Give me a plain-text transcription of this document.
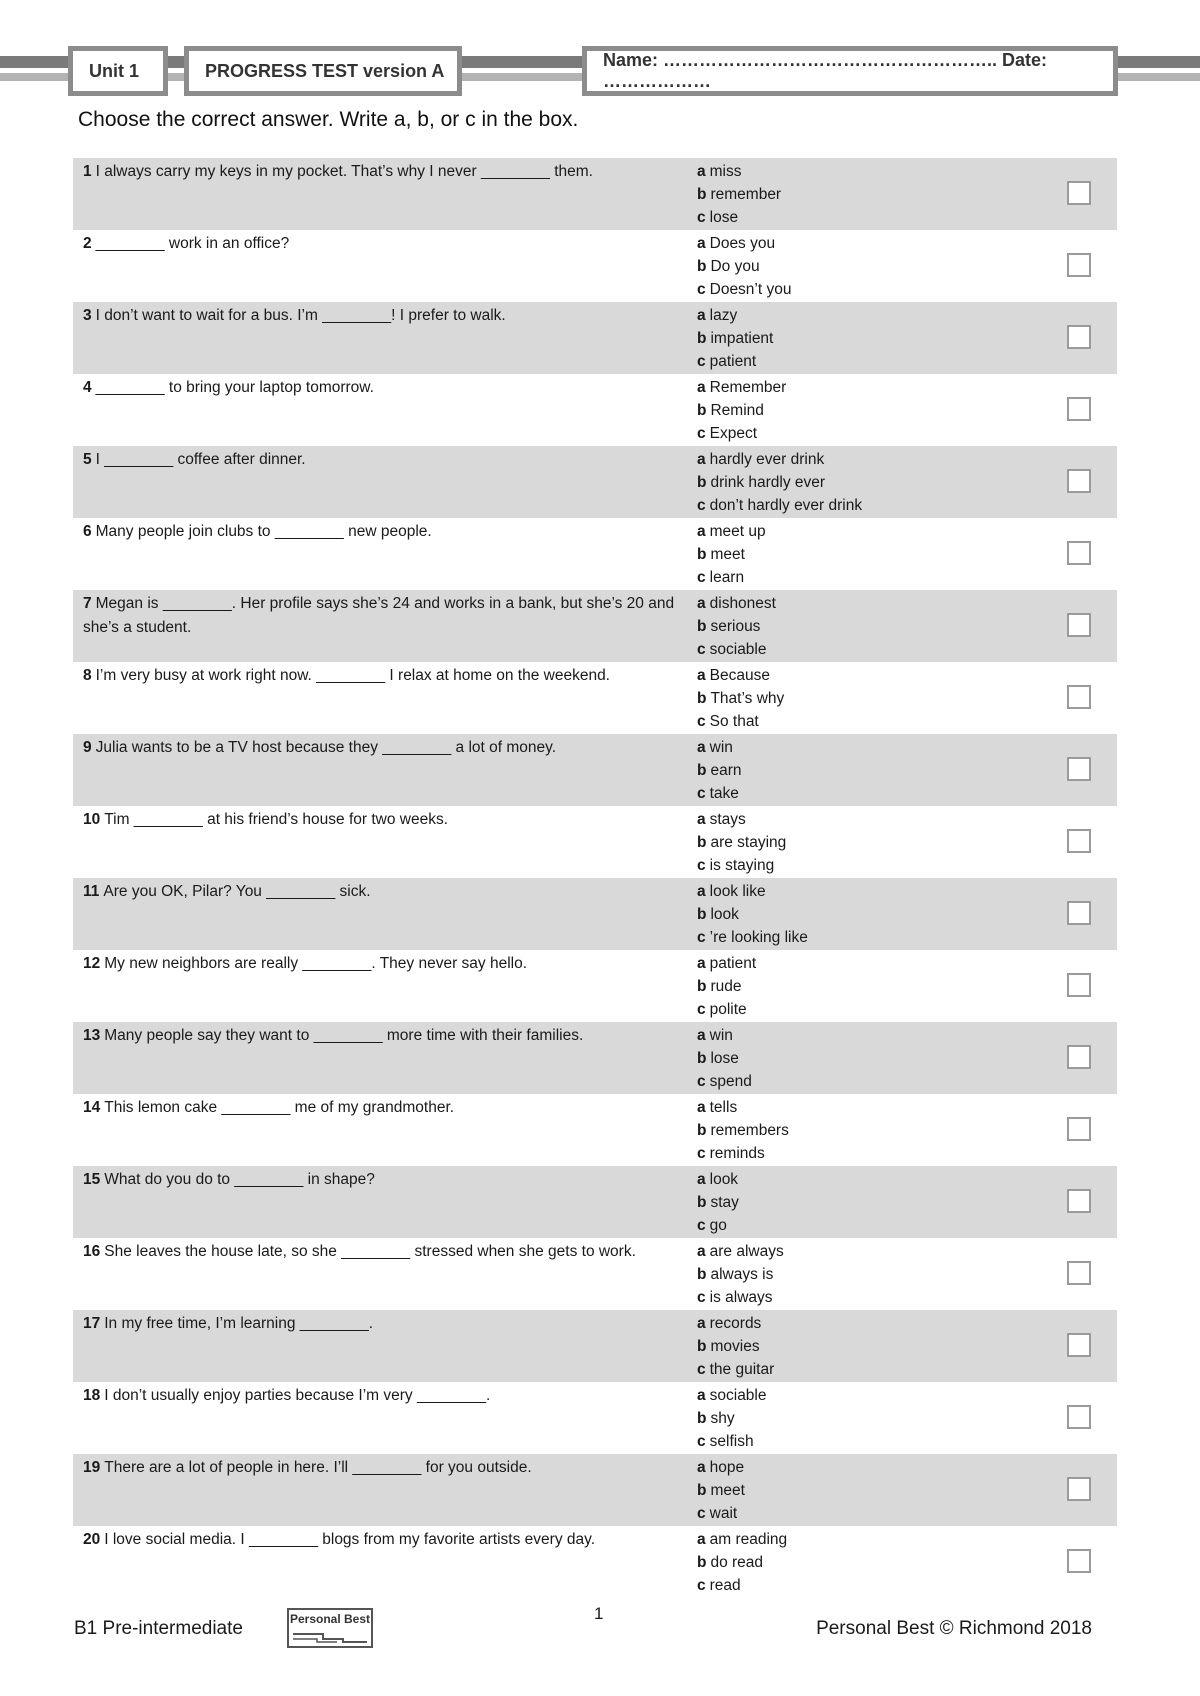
Unit 1	PROGRESS TEST version A
Name: ……………………………………………….. Date: ………………
Choose the correct answer. Write a, b, or c in the box.
1 I always carry my keys in my pocket. That’s why I never ________ them.	a miss
b remember
c lose
2 ________ work in an office?	a Does you
b Do you
c Doesn’t you
3 I don’t want to wait for a bus. I’m ________! I prefer to walk.	a lazy
b impatient
c patient
4 ________ to bring your laptop tomorrow.	a Remember
b Remind
c Expect
5 I ________ coffee after dinner.	a hardly ever drink
b drink hardly ever
c don’t hardly ever drink
6 Many people join clubs to ________ new people.	a meet up
b meet
c learn
7 Megan is ________. Her profile says she’s 24 and works in a bank, but she’s 20 and she’s a student.
a dishonest
b serious
c sociable
8 I’m very busy at work right now. ________ I relax at home on the weekend.	a Because
b That’s why
c So that
9 Julia wants to be a TV host because they ________ a lot of money.	a win
b earn
c take
10 Tim ________ at his friend’s house for two weeks.	a stays
b are staying
c is staying
11 Are you OK, Pilar? You ________ sick.	a look like
b look
c ’re looking like
12 My new neighbors are really ________. They never say hello.	a patient
b rude
c polite
13 Many people say they want to ________ more time with their families.	a win
b lose
c spend
14 This lemon cake ________ me of my grandmother.	a tells
b remembers
c reminds
15 What do you do to ________ in shape?	a look
b stay
c go
16 She leaves the house late, so she ________ stressed when she gets to work.	a are always
b always is
c is always
17 In my free time, I’m learning ________.	a records
b movies
c the guitar
18 I don’t usually enjoy parties because I’m very ________.	a sociable
b shy
c selfish
19 There are a lot of people in here. I’ll ________ for you outside.	a hope
b meet
c wait
20 I love social media. I ________ blogs from my favorite artists every day.	a am reading
b do read
c read
B1 Pre-intermediate	Personal Best	1
Personal Best © Richmond 2018
